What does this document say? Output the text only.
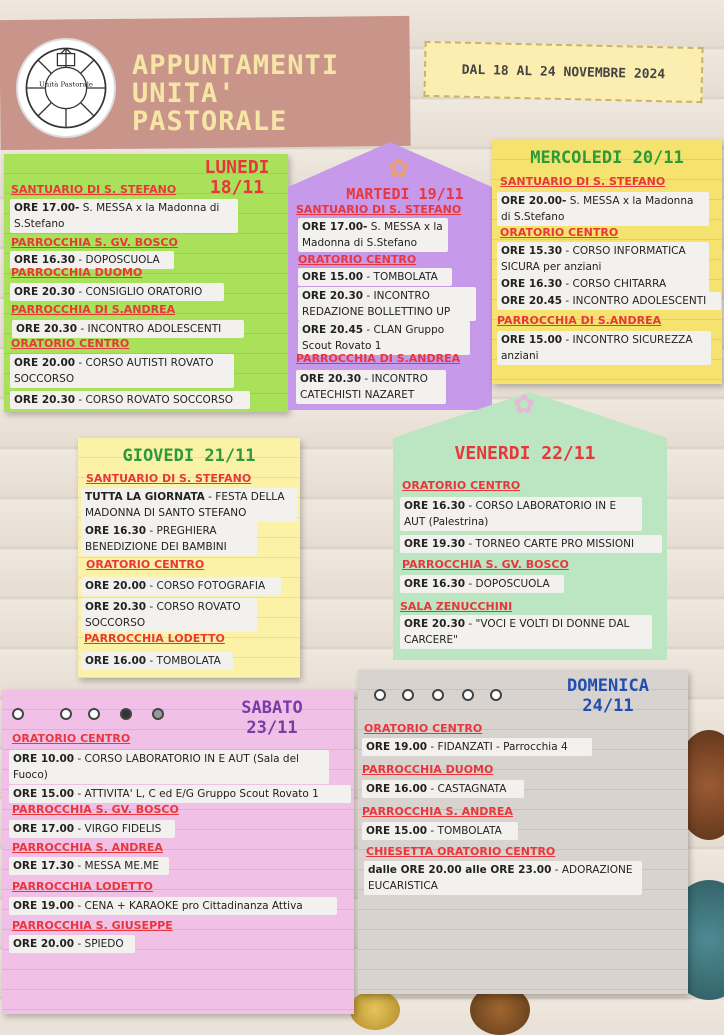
Unità Pastorale
APPUNTAMENTI
UNITA'
PASTORALE
DAL 18 AL 24 NOVEMBRE 2024
LUNEDI 18/11
SANTUARIO DI S. STEFANO
ORE 17.00- S. MESSA x la Madonna di S.Stefano
PARROCCHIA S. GV. BOSCO
ORE 16.30 - DOPOSCUOLA
PARROCCHIA DUOMO
ORE 20.30 - CONSIGLIO ORATORIO
PARROCCHIA DI S.ANDREA
ORE 20.30 - INCONTRO ADOLESCENTI
ORATORIO CENTRO
ORE 20.00 - CORSO AUTISTI ROVATO SOCCORSO
ORE 20.30 - CORSO ROVATO SOCCORSO
✿
MARTEDI 19/11
SANTUARIO DI S. STEFANO
ORE 17.00- S. MESSA x la Madonna di S.Stefano
ORATORIO CENTRO
ORE 15.00 - TOMBOLATA
ORE 20.30 - INCONTRO REDAZIONE BOLLETTINO UP
ORE 20.45 - CLAN Gruppo Scout Rovato 1
PARROCCHIA DI S.ANDREA
ORE 20.30 - INCONTRO CATECHISTI NAZARET
MERCOLEDI 20/11
SANTUARIO DI S. STEFANO
ORE 20.00- S. MESSA x la Madonna di S.Stefano
ORATORIO CENTRO
ORE 15.30 - CORSO INFORMATICA SICURA per anziani
ORE 16.30 - CORSO CHITARRA
ORE 20.45 - INCONTRO ADOLESCENTI
PARROCCHIA DI S.ANDREA
ORE 15.00 - INCONTRO SICUREZZA anziani
GIOVEDI 21/11
SANTUARIO DI S. STEFANO
TUTTA LA GIORNATA - FESTA DELLA MADONNA DI SANTO STEFANO
ORE 16.30 - PREGHIERA BENEDIZIONE DEI BAMBINI
ORATORIO CENTRO
ORE 20.00 - CORSO FOTOGRAFIA
ORE 20.30 - CORSO ROVATO SOCCORSO
PARROCCHIA LODETTO
ORE 16.00 - TOMBOLATA
✿
VENERDI 22/11
ORATORIO CENTRO
ORE 16.30 - CORSO LABORATORIO IN E AUT (Palestrina)
ORE 19.30 - TORNEO CARTE PRO MISSIONI
PARROCCHIA S. GV. BOSCO
ORE 16.30 - DOPOSCUOLA
SALA ZENUCCHINI
ORE 20.30 - "VOCI E VOLTI DI DONNE DAL CARCERE"
SABATO 23/11
ORATORIO CENTRO
ORE 10.00 - CORSO LABORATORIO IN E AUT (Sala del Fuoco)
ORE 15.00 - ATTIVITA' L, C ed E/G Gruppo Scout Rovato 1
PARROCCHIA S. GV. BOSCO
ORE 17.00 - VIRGO FIDELIS
PARROCCHIA S. ANDREA
ORE 17.30 - MESSA ME.ME
PARROCCHIA LODETTO
ORE 19.00 - CENA + KARAOKE pro Cittadinanza Attiva
PARROCCHIA S. GIUSEPPE
ORE 20.00 - SPIEDO
DOMENICA 24/11
ORATORIO CENTRO
ORE 19.00 - FIDANZATI - Parrocchia 4
PARROCCHIA DUOMO
ORE 16.00 - CASTAGNATA
PARROCCHIA S. ANDREA
ORE 15.00 - TOMBOLATA
CHIESETTA ORATORIO CENTRO
dalle ORE 20.00 alle ORE 23.00 - ADORAZIONE EUCARISTICA
